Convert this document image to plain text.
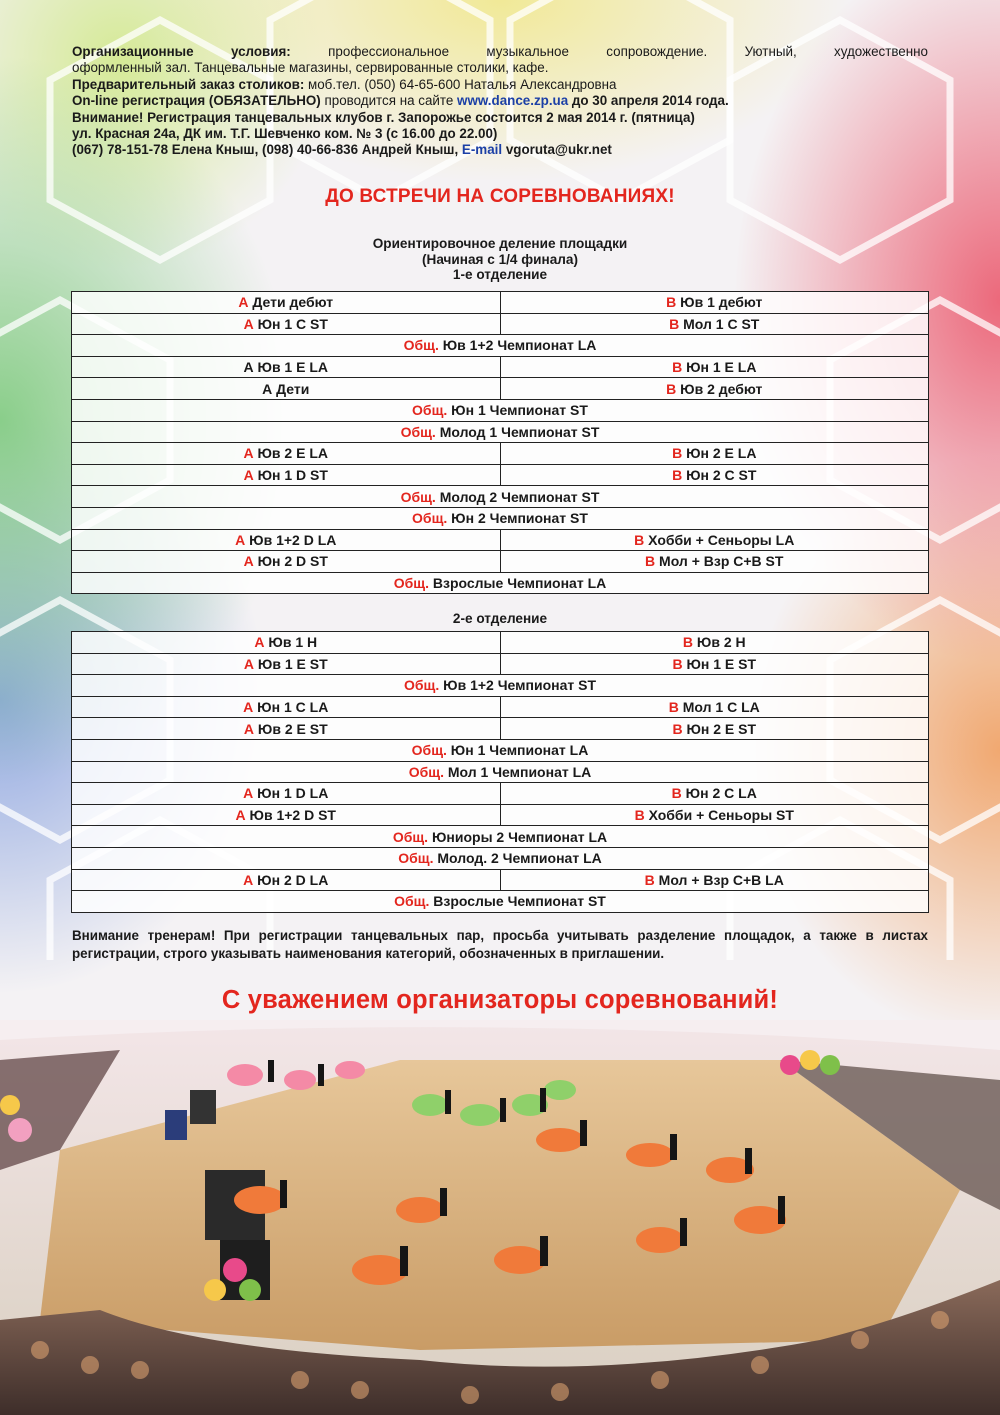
Организационные условия: профессиональное музыкальное сопровождение. Уютный, художественно

оформленный зал. Танцевальные магазины, сервированные столики, кафе.

Предварительный заказ столиков: моб.тел. (050) 64-65-600 Наталья Александровна

On-line регистрация (ОБЯЗАТЕЛЬНО) проводится на сайте www.dance.zp.ua до 30 апреля 2014 года.

Внимание! Регистрация танцевальных клубов г. Запорожье состоится 2 мая 2014 г. (пятница)

ул. Красная 24а, ДК им. Т.Г. Шевченко ком. № 3 (с 16.00 до 22.00)

(067) 78-151-78 Елена Кныш, (098) 40-66-836 Андрей Кныш, E-mail vgoruta@ukr.net

ДО ВСТРЕЧИ НА СОРЕВНОВАНИЯХ!
Ориентировочное деление площадки
(Начиная с 1/4 финала)
1-е отделение
А Дети дебют	В Юв 1 дебют
А Юн 1 С ST	В Мол 1 С ST
Общ. Юв 1+2 Чемпионат LA	
А Юв 1 Е LA	В Юн 1 Е LA
А Дети	В Юв 2 дебют
Общ. Юн 1 Чемпионат ST	
Общ. Молод 1 Чемпионат ST	
А Юв 2 Е LA	В Юн 2 Е LA
А Юн 1 D ST	В Юн 2 С ST
Общ. Молод 2 Чемпионат ST	
Общ. Юн 2 Чемпионат ST	
А Юв 1+2 D LA	В Хобби + Сеньоры LA
А Юн 2 D ST	В Мол + Взр С+В ST
Общ. Взрослые Чемпионат LA	
2-е отделение
А Юв 1 Н	В Юв 2 Н
А Юв 1 Е ST	В Юн 1 Е ST
Общ. Юв 1+2 Чемпионат ST	
А Юн 1 С LA	В Мол 1 С LA
А Юв 2 Е ST	В Юн 2 Е ST
Общ. Юн 1 Чемпионат LA	
Общ. Мол 1 Чемпионат LA	
А Юн 1 D LA	В Юн 2 С LA
А Юв 1+2 D ST	В Хобби + Сеньоры ST
Общ. Юниоры 2 Чемпионат LA	
Общ. Молод. 2 Чемпионат LA	
А Юн 2 D LA	В Мол + Взр С+В LA
Общ. Взрослые Чемпионат ST	
Внимание тренерам! При регистрации танцевальных пар, просьба учитывать разделение площадок, а также в листах регистрации, строго указывать наименования категорий, обозначенных в приглашении.
С уважением организаторы соревнований!
